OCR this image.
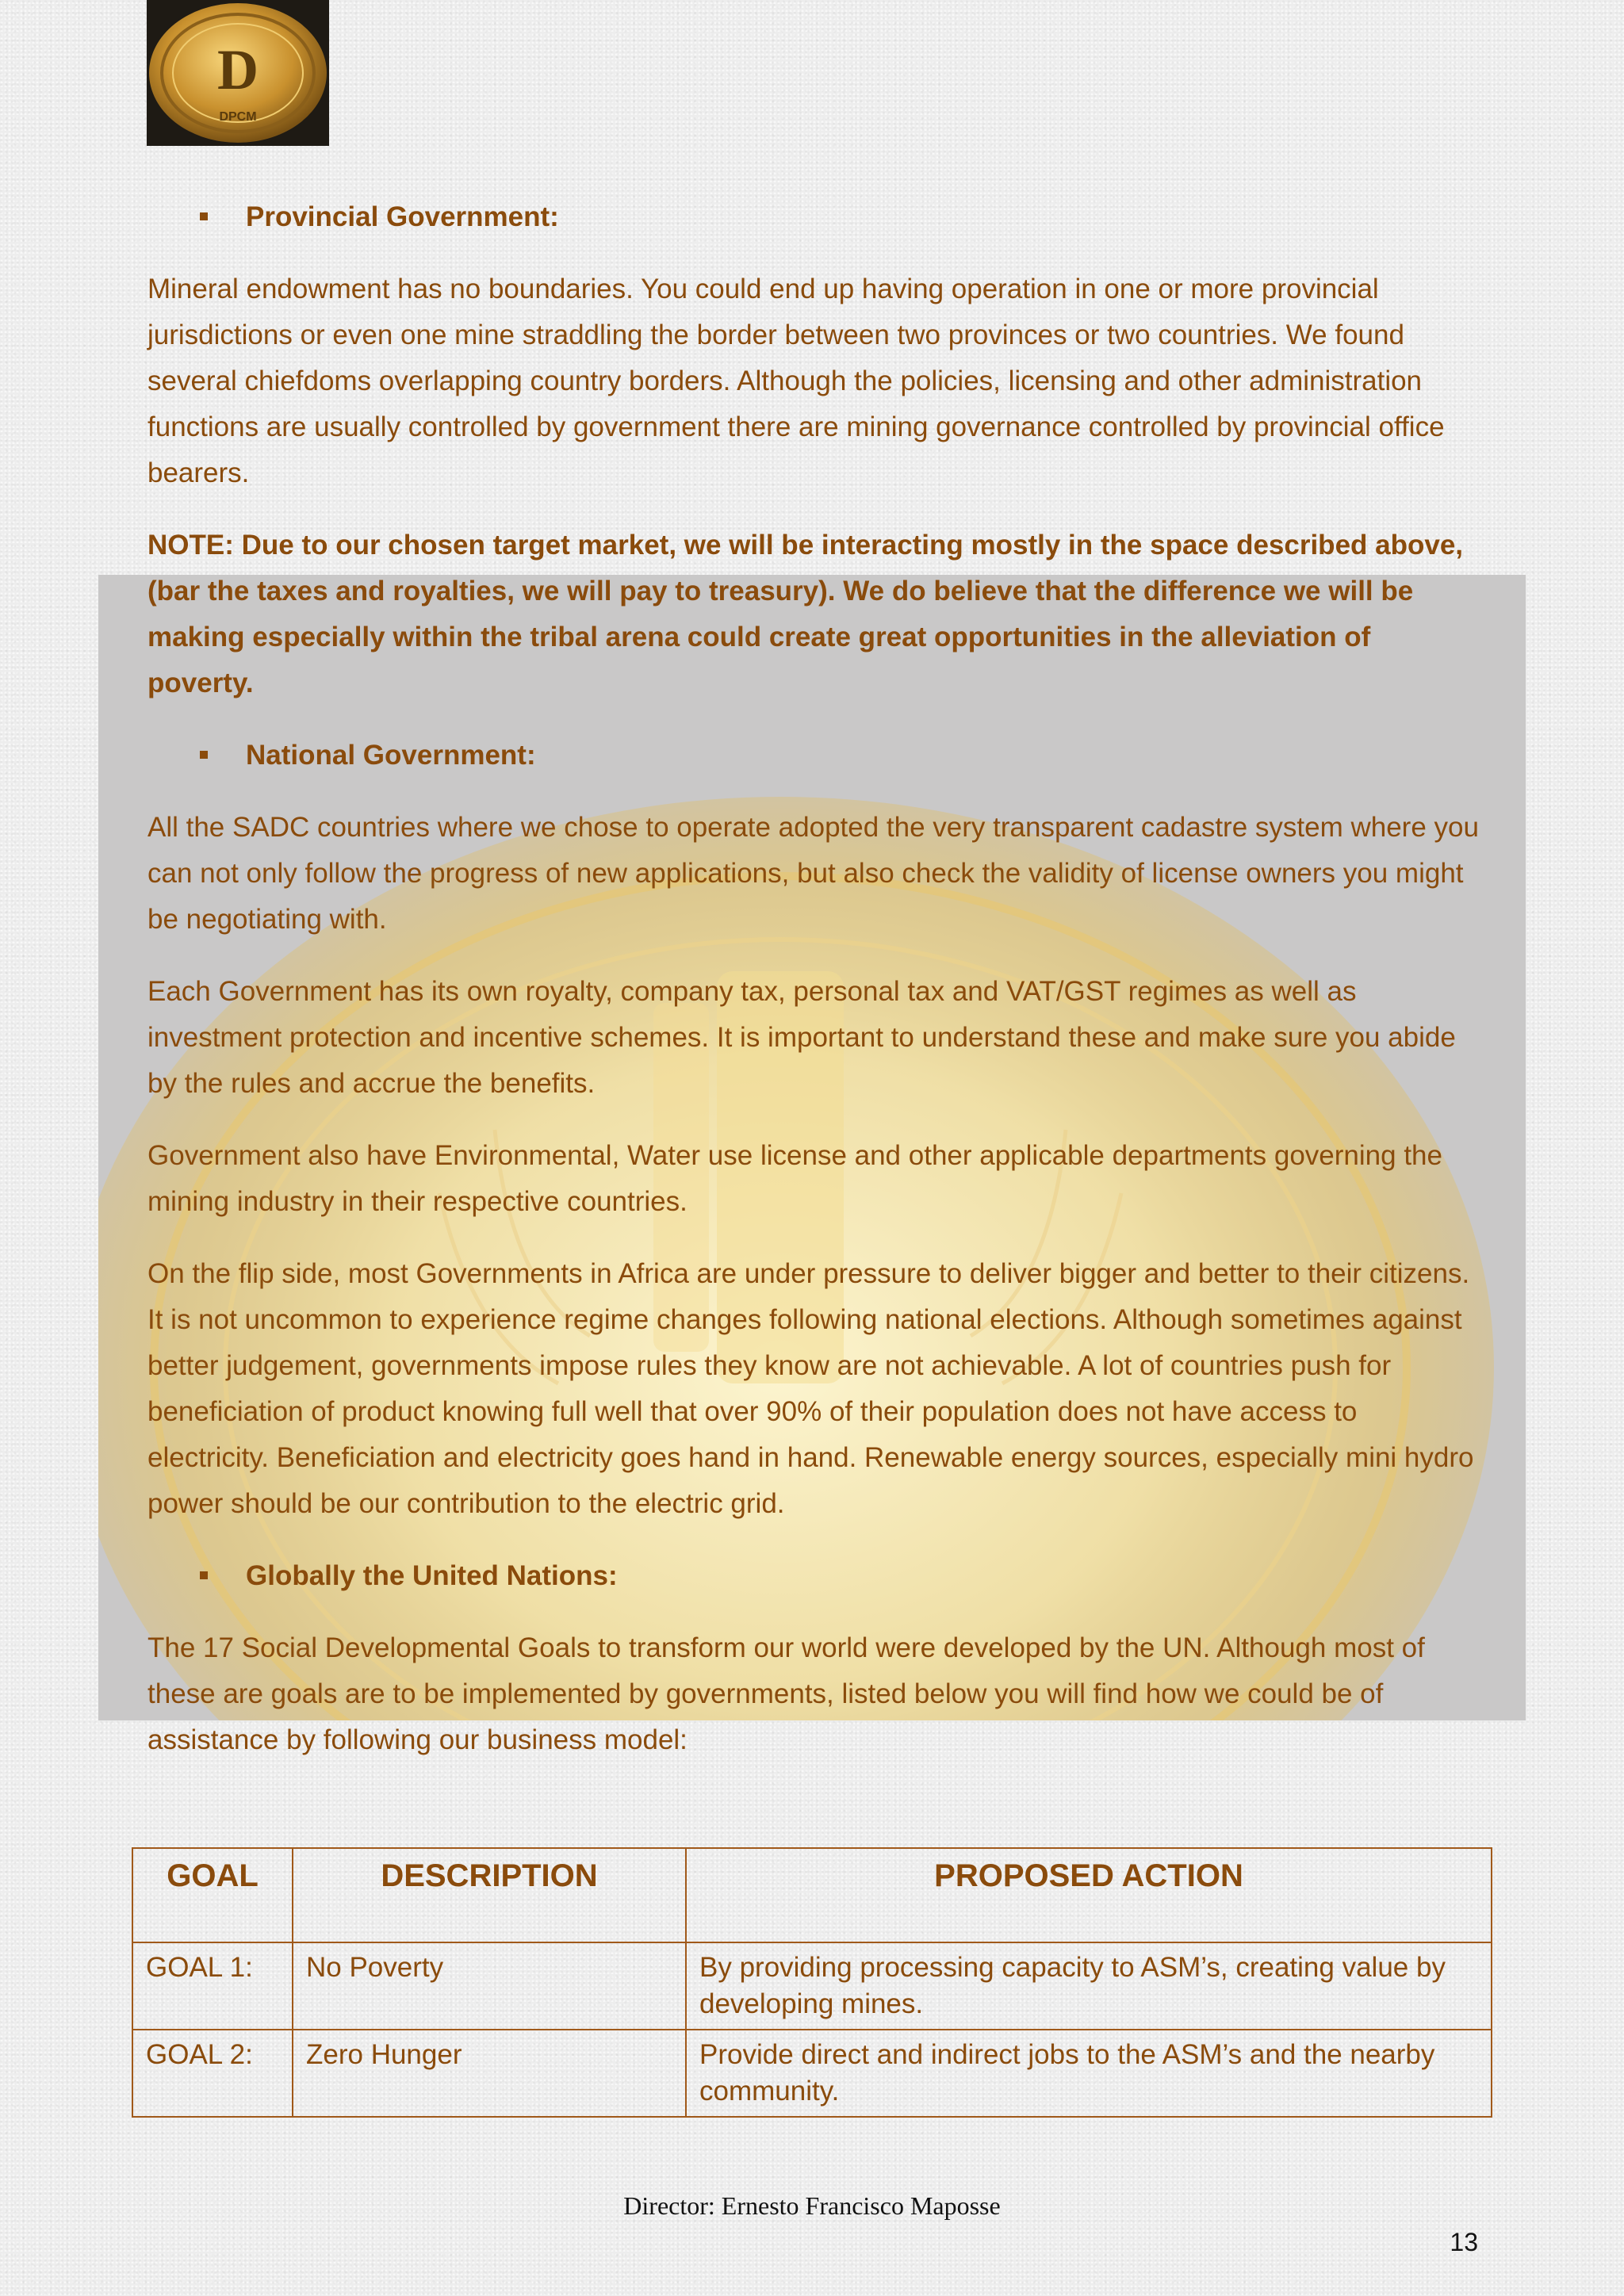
D
DPCM
Provincial Government:
Mineral endowment has no boundaries. You could end up having operation in one or more provincial jurisdictions or even one mine straddling the border between two provinces or two countries. We found several chiefdoms overlapping country borders. Although the policies, licensing and other administration functions are usually controlled by government there are mining governance controlled by provincial office bearers.
NOTE: Due to our chosen target market, we will be interacting mostly in the space described above, (bar the taxes and royalties, we will pay to treasury). We do believe that the difference we will be making especially within the tribal arena could create great opportunities in the alleviation of poverty.
National Government:
All the SADC countries where we chose to operate adopted the very transparent cadastre system where you can not only follow the progress of new applications, but also check the validity of license owners you might be negotiating with.
Each Government has its own royalty, company tax, personal tax and VAT/GST regimes as well as investment protection and incentive schemes. It is important to understand these and make sure you abide by the rules and accrue the benefits.
Government also have Environmental, Water use license and other applicable departments governing the mining industry in their respective countries.
On the flip side, most Governments in Africa are under pressure to deliver bigger and better to their citizens. It is not uncommon to experience regime changes following national elections. Although sometimes against better judgement, governments impose rules they know are not achievable. A lot of countries push for beneficiation of product knowing full well that over 90% of their population does not have access to electricity. Beneficiation and electricity goes hand in hand. Renewable energy sources, especially mini hydro power should be our contribution to the electric grid.
Globally the United Nations:
The 17 Social Developmental Goals to transform our world were developed by the UN. Although most of these are goals are to be implemented by governments, listed below you will find how we could be of assistance by following our business model:
GOAL	DESCRIPTION	PROPOSED ACTION
GOAL 1:	No Poverty	By providing processing capacity to ASM’s, creating value by developing mines.
GOAL 2:	Zero Hunger	Provide direct and indirect jobs to the ASM’s and the nearby community.
Director: Ernesto Francisco Maposse
13
